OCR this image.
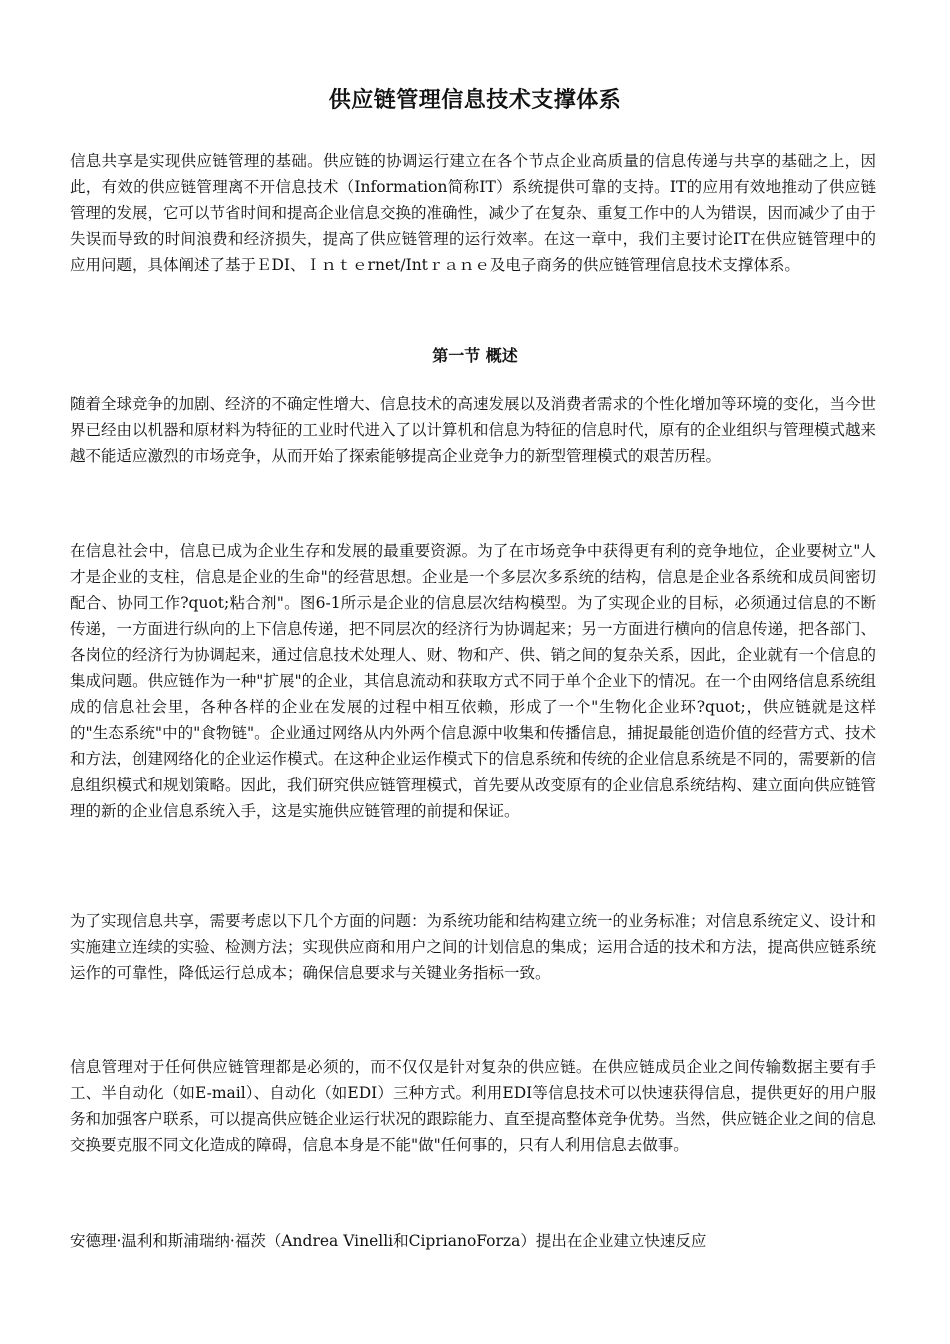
供应链管理信息技术支撑体系

信息共享是实现供应链管理的基础。供应链的协调运行建立在各个节点企业高质量的信息传递与共享的基础之上，因此，有效的供应链管理离不开信息技术（Information简称IT）系统提供可靠的支持。IT的应用有效地推动了供应链管理的发展，它可以节省时间和提高企业信息交换的准确性，减少了在复杂、重复工作中的人为错误，因而减少了由于失误而导致的时间浪费和经济损失，提高了供应链管理的运行效率。在这一章中，我们主要讨论IT在供应链管理中的应用问题，具体阐述了基于ＥDI、Ｉｎｔｅrnet/Intｒａｎｅ及电子商务的供应链管理信息技术支撑体系。

第一节 概述

随着全球竞争的加剧、经济的不确定性增大、信息技术的高速发展以及消费者需求的个性化增加等环境的变化，当今世界已经由以机器和原材料为特征的工业时代进入了以计算机和信息为特征的信息时代，原有的企业组织与管理模式越来越不能适应激烈的市场竞争，从而开始了探索能够提高企业竞争力的新型管理模式的艰苦历程。

在信息社会中，信息已成为企业生存和发展的最重要资源。为了在市场竞争中获得更有利的竞争地位，企业要树立"人才是企业的支柱，信息是企业的生命"的经营思想。企业是一个多层次多系统的结构，信息是企业各系统和成员间密切配合、协同工作?quot;粘合剂"。图6-1所示是企业的信息层次结构模型。为了实现企业的目标，必须通过信息的不断传递，一方面进行纵向的上下信息传递，把不同层次的经济行为协调起来；另一方面进行横向的信息传递，把各部门、各岗位的经济行为协调起来，通过信息技术处理人、财、物和产、供、销之间的复杂关系，因此，企业就有一个信息的集成问题。供应链作为一种"扩展"的企业，其信息流动和获取方式不同于单个企业下的情况。在一个由网络信息系统组成的信息社会里，各种各样的企业在发展的过程中相互依赖，形成了一个"生物化企业环?quot;，供应链就是这样的"生态系统"中的"食物链"。企业通过网络从内外两个信息源中收集和传播信息，捕捉最能创造价值的经营方式、技术和方法，创建网络化的企业运作模式。在这种企业运作模式下的信息系统和传统的企业信息系统是不同的，需要新的信息组织模式和规划策略。因此，我们研究供应链管理模式，首先要从改变原有的企业信息系统结构、建立面向供应链管理的新的企业信息系统入手，这是实施供应链管理的前提和保证。

为了实现信息共享，需要考虑以下几个方面的问题：为系统功能和结构建立统一的业务标准；对信息系统定义、设计和实施建立连续的实验、检测方法；实现供应商和用户之间的计划信息的集成；运用合适的技术和方法，提高供应链系统运作的可靠性，降低运行总成本；确保信息要求与关键业务指标一致。

信息管理对于任何供应链管理都是必须的，而不仅仅是针对复杂的供应链。在供应链成员企业之间传输数据主要有手工、半自动化（如E-mail）、自动化（如EDI）三种方式。利用EDI等信息技术可以快速获得信息，提供更好的用户服务和加强客户联系，可以提高供应链企业运行状况的跟踪能力、直至提高整体竞争优势。当然，供应链企业之间的信息交换要克服不同文化造成的障碍，信息本身是不能"做"任何事的，只有人利用信息去做事。

安德理·温利和斯浦瑞纳·福茨（Andrea Vinelli和CiprianoForza）提出在企业建立快速反应
